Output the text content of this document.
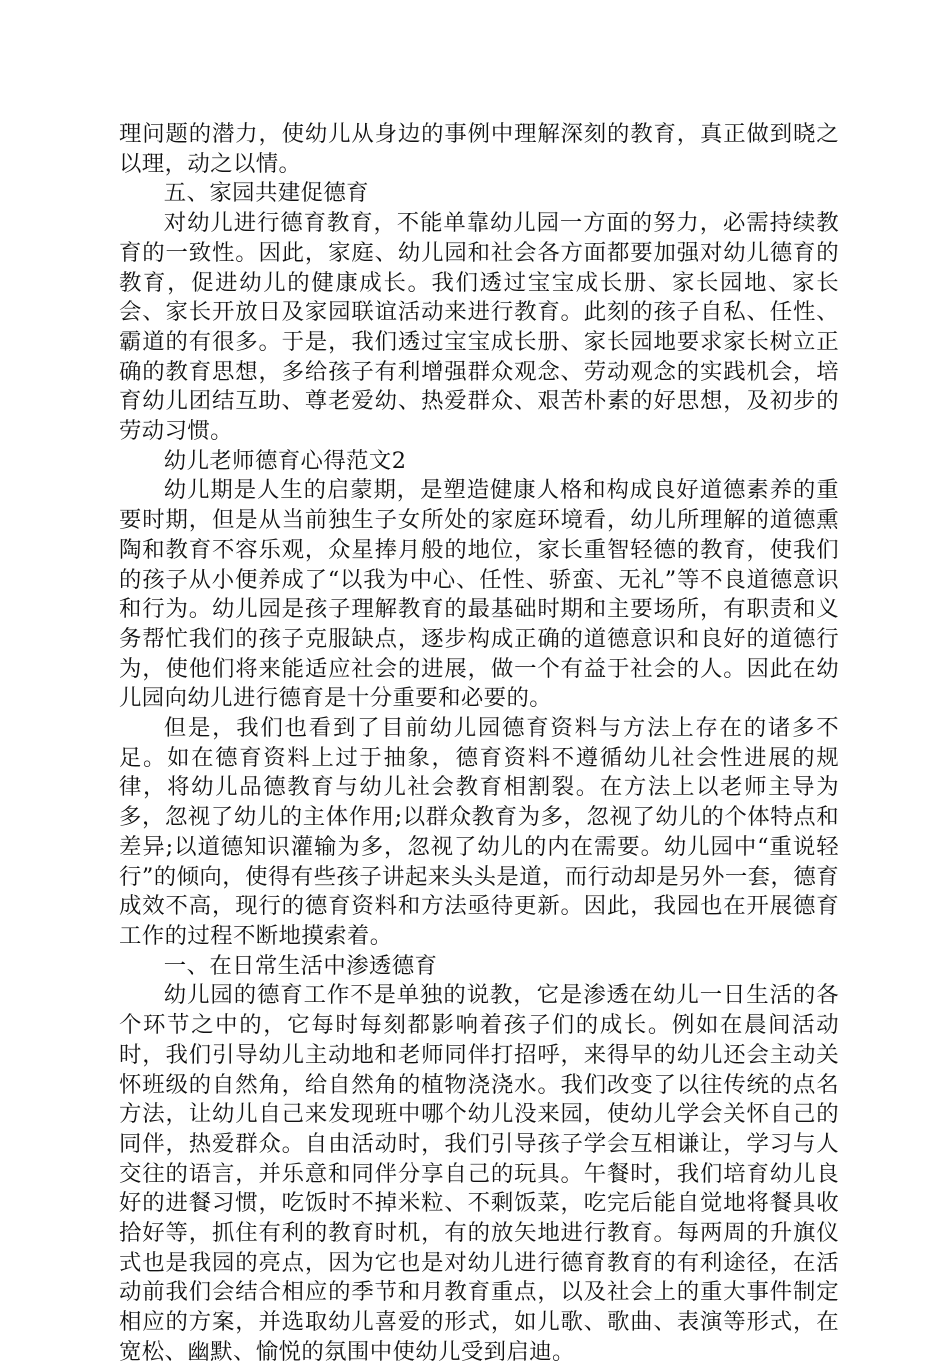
理问题的潜力，使幼儿从身边的事例中理解深刻的教育，真正做到晓之以理，动之以情。

五、家园共建促德育

对幼儿进行德育教育，不能单靠幼儿园一方面的努力，必需持续教育的一致性。因此，家庭、幼儿园和社会各方面都要加强对幼儿德育的教育，促进幼儿的健康成长。我们透过宝宝成长册、家长园地、家长会、家长开放日及家园联谊活动来进行教育。此刻的孩子自私、任性、霸道的有很多。于是，我们透过宝宝成长册、家长园地要求家长树立正确的教育思想，多给孩子有利增强群众观念、劳动观念的实践机会，培育幼儿团结互助、尊老爱幼、热爱群众、艰苦朴素的好思想，及初步的劳动习惯。

幼儿老师德育心得范文2

幼儿期是人生的启蒙期，是塑造健康人格和构成良好道德素养的重要时期，但是从当前独生子女所处的家庭环境看，幼儿所理解的道德熏陶和教育不容乐观，众星捧月般的地位，家长重智轻德的教育，使我们的孩子从小便养成了“以我为中心、任性、骄蛮、无礼”等不良道德意识和行为。幼儿园是孩子理解教育的最基础时期和主要场所，有职责和义务帮忙我们的孩子克服缺点，逐步构成正确的道德意识和良好的道德行为，使他们将来能适应社会的进展，做一个有益于社会的人。因此在幼儿园向幼儿进行德育是十分重要和必要的。

但是，我们也看到了目前幼儿园德育资料与方法上存在的诸多不足。如在德育资料上过于抽象，德育资料不遵循幼儿社会性进展的规律，将幼儿品德教育与幼儿社会教育相割裂。在方法上以老师主导为多，忽视了幼儿的主体作用;以群众教育为多，忽视了幼儿的个体特点和差异;以道德知识灌输为多，忽视了幼儿的内在需要。幼儿园中“重说轻行”的倾向，使得有些孩子讲起来头头是道，而行动却是另外一套，德育成效不高，现行的德育资料和方法亟待更新。因此，我园也在开展德育工作的过程不断地摸索着。

一、在日常生活中渗透德育

幼儿园的德育工作不是单独的说教，它是渗透在幼儿一日生活的各个环节之中的，它每时每刻都影响着孩子们的成长。例如在晨间活动时，我们引导幼儿主动地和老师同伴打招呼，来得早的幼儿还会主动关怀班级的自然角，给自然角的植物浇浇水。我们改变了以往传统的点名方法，让幼儿自己来发现班中哪个幼儿没来园，使幼儿学会关怀自己的同伴，热爱群众。自由活动时，我们引导孩子学会互相谦让，学习与人交往的语言，并乐意和同伴分享自己的玩具。午餐时，我们培育幼儿良好的进餐习惯，吃饭时不掉米粒、不剩饭菜，吃完后能自觉地将餐具收拾好等，抓住有利的教育时机，有的放矢地进行教育。每两周的升旗仪式也是我园的亮点，因为它也是对幼儿进行德育教育的有利途径，在活动前我们会结合相应的季节和月教育重点，以及社会上的重大事件制定相应的方案，并选取幼儿喜爱的形式，如儿歌、歌曲、表演等形式，在宽松、幽默、愉悦的氛围中使幼儿受到启迪。
